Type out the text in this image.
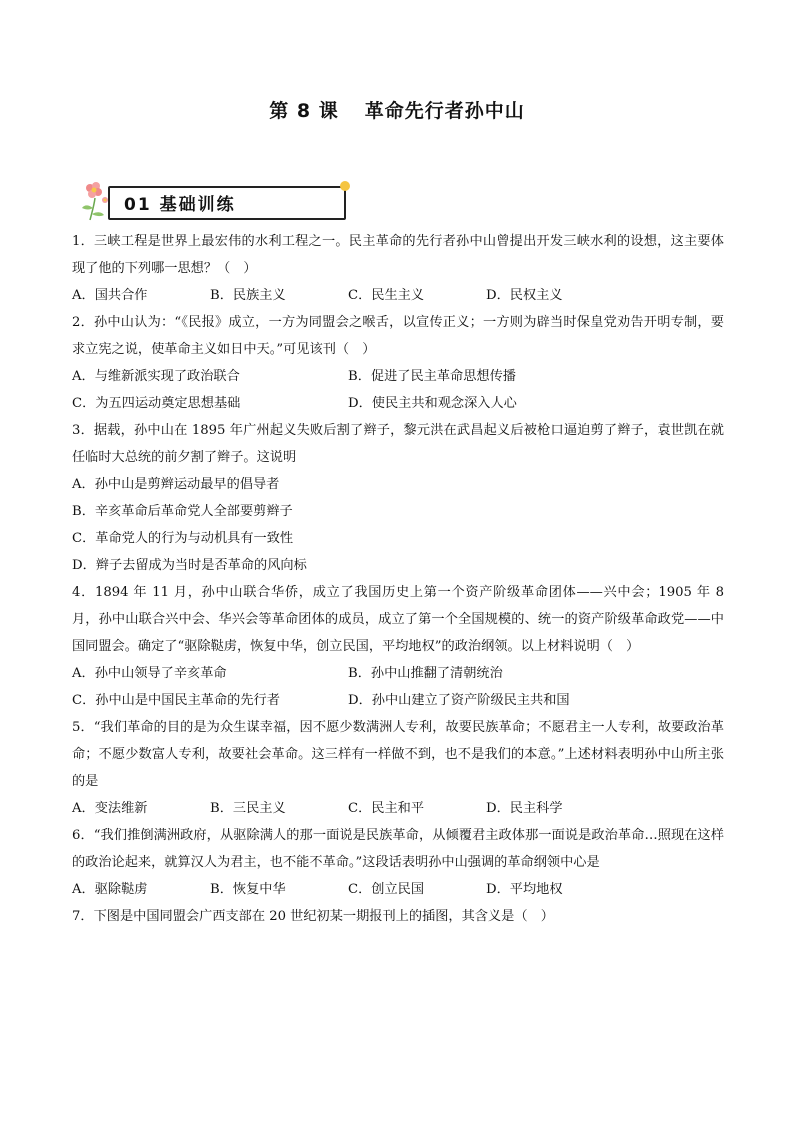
第 8 课 革命先行者孙中山
01 基础训练

1．三峡工程是世界上最宏伟的水利工程之一。民主革命的先行者孙中山曾提出开发三峡水利的设想，这主要体现了他的下列哪一思想？（　）

A．国共合作	B．民族主义	C．民生主义	D．民权主义

2．孙中山认为：“《民报》成立，一方为同盟会之喉舌，以宣传正义；一方则为辟当时保皇党劝告开明专制，要求立宪之说，使革命主义如日中天。”可见该刊（　）

A．与维新派实现了政治联合	B．促进了民主革命思想传播
C．为五四运动奠定思想基础	D．使民主共和观念深入人心

3．据载，孙中山在 1895 年广州起义失败后割了辫子，黎元洪在武昌起义后被枪口逼迫剪了辫子，袁世凯在就任临时大总统的前夕割了辫子。这说明

A．孙中山是剪辫运动最早的倡导者

B．辛亥革命后革命党人全部要剪辫子

C．革命党人的行为与动机具有一致性

D．辫子去留成为当时是否革命的风向标

4．1894 年 11 月，孙中山联合华侨，成立了我国历史上第一个资产阶级革命团体——兴中会；1905 年 8 月，孙中山联合兴中会、华兴会等革命团体的成员，成立了第一个全国规模的、统一的资产阶级革命政党——中国同盟会。确定了“驱除鞑虏，恢复中华，创立民国，平均地权”的政治纲领。以上材料说明（　）

A．孙中山领导了辛亥革命	B．孙中山推翻了清朝统治
C．孙中山是中国民主革命的先行者	D．孙中山建立了资产阶级民主共和国

5．“我们革命的目的是为众生谋幸福，因不愿少数满洲人专利，故要民族革命；不愿君主一人专利，故要政治革命；不愿少数富人专利，故要社会革命。这三样有一样做不到，也不是我们的本意。”上述材料表明孙中山所主张的是

A．变法维新	B．三民主义	C．民主和平	D．民主科学

6．“我们推倒满洲政府，从驱除满人的那一面说是民族革命，从倾覆君主政体那一面说是政治革命…照现在这样的政治论起来，就算汉人为君主，也不能不革命。”这段话表明孙中山强调的革命纲领中心是

A．驱除鞑虏	B．恢复中华	C．创立民国	D．平均地权

7．下图是中国同盟会广西支部在 20 世纪初某一期报刊上的插图，其含义是（　）
